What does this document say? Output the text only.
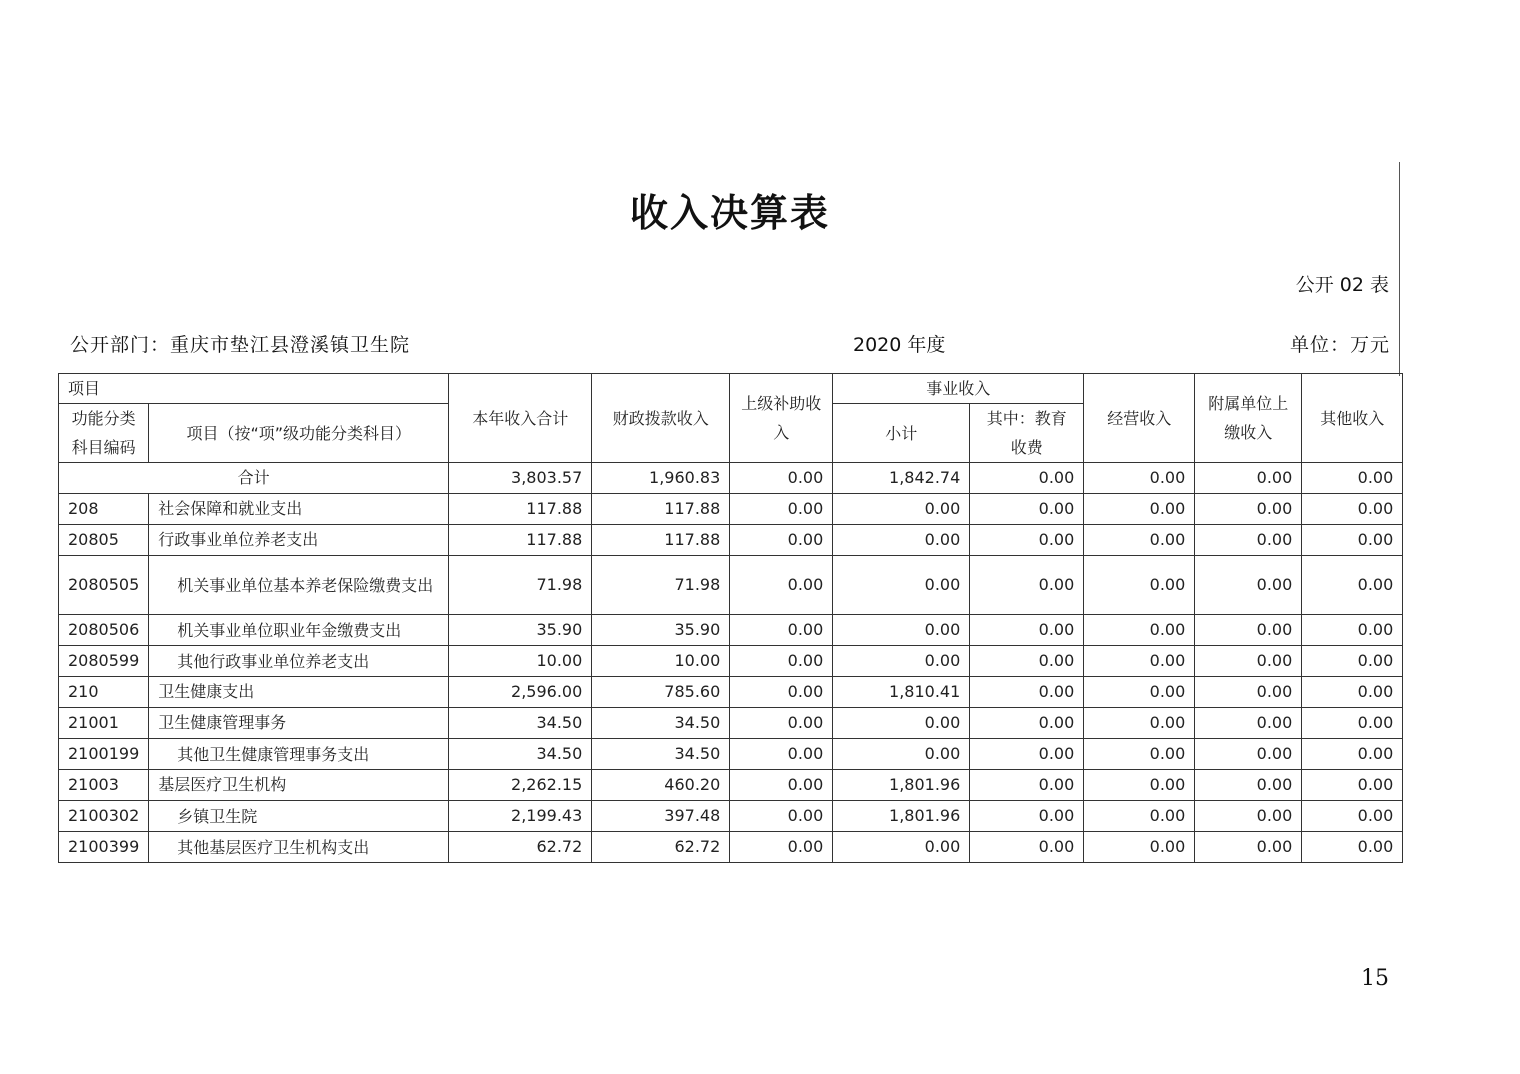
收入决算表
公开 02 表
公开部门：重庆市垫江县澄溪镇卫生院	2020 年度	单位：万元
项目		本年收入合计	财政拨款收入	上级补助收入	事业收入		经营收入	附属单位上缴收入	其他收入
功能分类科目编码	项目（按“项”级功能分类科目）								
					小计	其中：教育收费			
合计		3,803.57	1,960.83	0.00	1,842.74	0.00	0.00	0.00	0.00
208	社会保障和就业支出	117.88	117.88	0.00	0.00	0.00	0.00	0.00	0.00
20805	行政事业单位养老支出	117.88	117.88	0.00	0.00	0.00	0.00	0.00	0.00
2080505	机关事业单位基本养老保险缴费支出	71.98	71.98	0.00	0.00	0.00	0.00	0.00	0.00
2080506	机关事业单位职业年金缴费支出	35.90	35.90	0.00	0.00	0.00	0.00	0.00	0.00
2080599	其他行政事业单位养老支出	10.00	10.00	0.00	0.00	0.00	0.00	0.00	0.00
210	卫生健康支出	2,596.00	785.60	0.00	1,810.41	0.00	0.00	0.00	0.00
21001	卫生健康管理事务	34.50	34.50	0.00	0.00	0.00	0.00	0.00	0.00
2100199	其他卫生健康管理事务支出	34.50	34.50	0.00	0.00	0.00	0.00	0.00	0.00
21003	基层医疗卫生机构	2,262.15	460.20	0.00	1,801.96	0.00	0.00	0.00	0.00
2100302	乡镇卫生院	2,199.43	397.48	0.00	1,801.96	0.00	0.00	0.00	0.00
2100399	其他基层医疗卫生机构支出	62.72	62.72	0.00	0.00	0.00	0.00	0.00	0.00
15
